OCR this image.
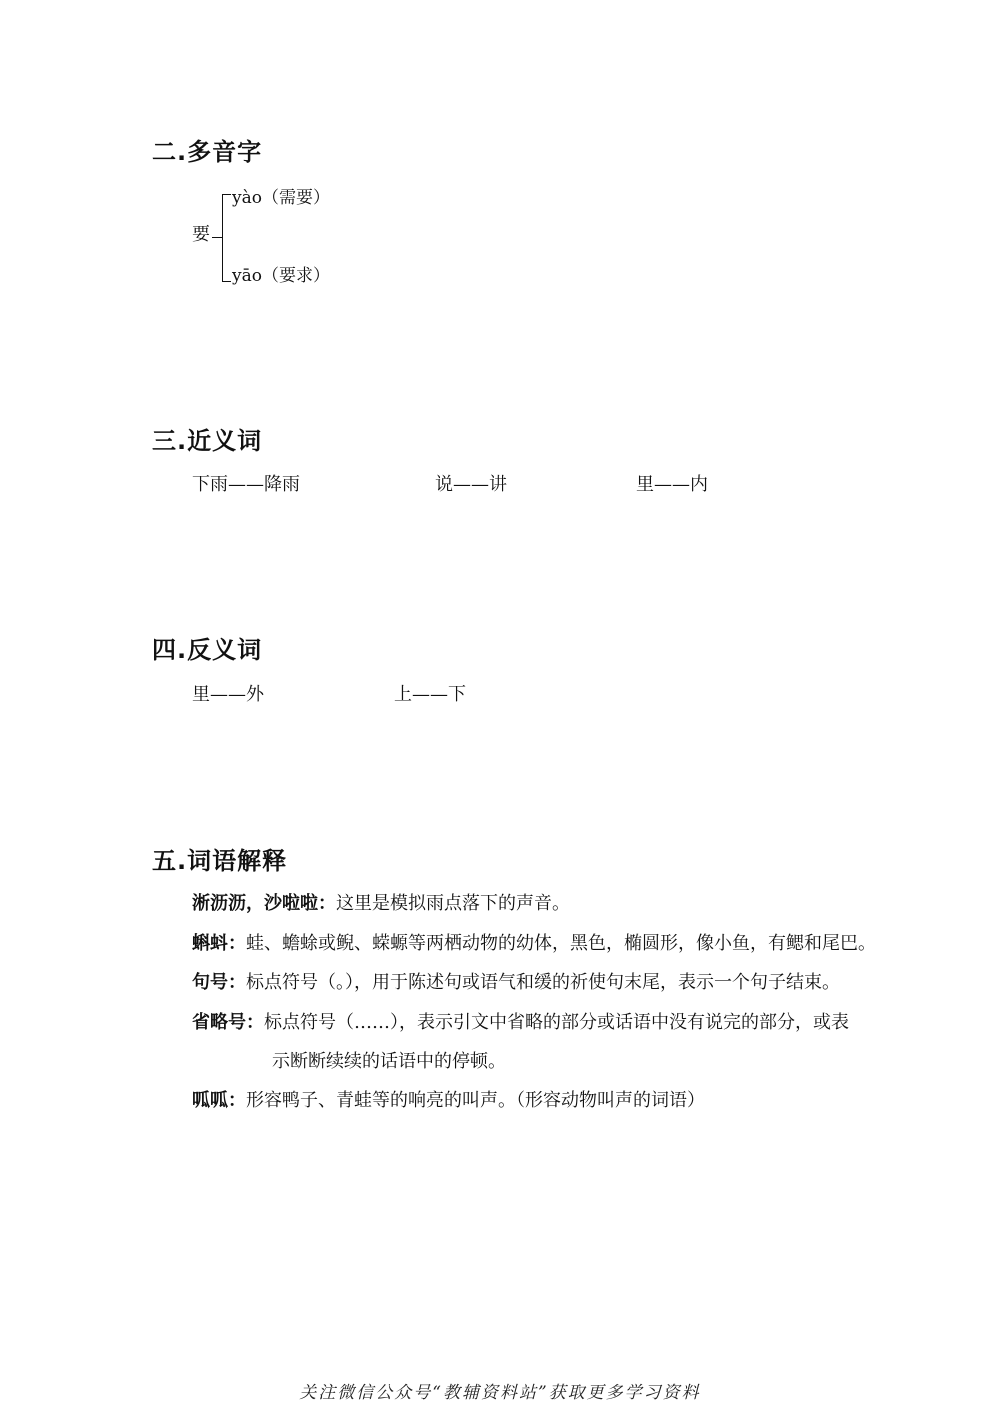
二.多音字
要
yào（需要）
yāo（要求）
三.近义词
下雨——降雨	说——讲	里——内
四.反义词
里——外	上——下
五.词语解释
淅沥沥，沙啦啦：这里是模拟雨点落下的声音。
蝌蚪：蛙、蟾蜍或鲵、蝾螈等两栖动物的幼体，黑色，椭圆形，像小鱼，有鳃和尾巴。
句号：标点符号（。），用于陈述句或语气和缓的祈使句末尾，表示一个句子结束。
省略号：标点符号（……），表示引文中省略的部分或话语中没有说完的部分，或表
示断断续续的话语中的停顿。
呱呱：形容鸭子、青蛙等的响亮的叫声。（形容动物叫声的词语）
关注微信公众号“教辅资料站”获取更多学习资料
